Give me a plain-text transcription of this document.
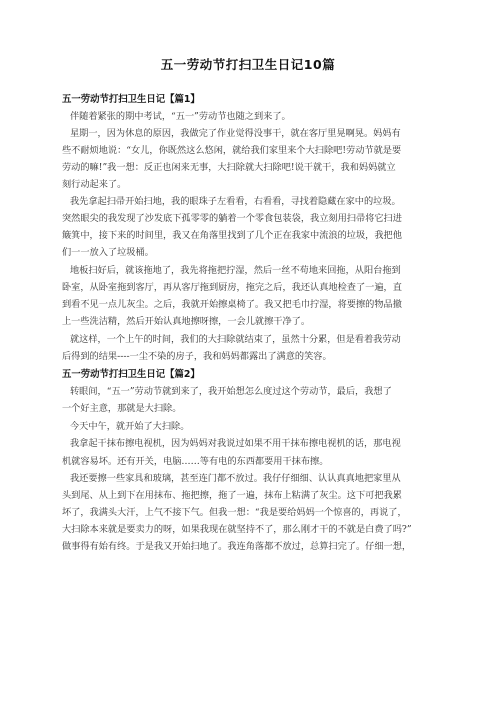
五一劳动节打扫卫生日记10篇
五一劳动节打扫卫生日记【篇1】
伴随着紧张的期中考试，“五一”劳动节也随之到来了。
星期一，因为休息的原因，我做完了作业觉得没事干，就在客厅里晃啊晃。妈妈有
些不耐烦地说：“女儿，你既然这么悠闲，就给我们家里来个大扫除吧!劳动节就是要
劳动的嘛!”我一想：反正也闲来无事，大扫除就大扫除吧!说干就干，我和妈妈就立
刻行动起来了。
我先拿起扫帚开始扫地，我的眼珠子左看看，右看看，寻找着隐藏在家中的垃圾。
突然眼尖的我发现了沙发底下孤零零的躺着一个零食包装袋，我立刻用扫帚将它扫进
簸箕中，接下来的时间里，我又在角落里找到了几个正在我家中流浪的垃圾，我把他
们一一放入了垃圾桶。
地板扫好后，就该拖地了，我先将拖把拧湿，然后一丝不苟地来回拖，从阳台拖到
卧室，从卧室拖到客厅，再从客厅拖到厨房，拖完之后，我还认真地检查了一遍，直
到看不见一点儿灰尘。之后，我就开始擦桌椅了。我又把毛巾拧湿，将要擦的物品撤
上一些洗洁精，然后开始认真地擦呀擦，一会儿就擦干净了。
就这样，一个上午的时间，我们的大扫除就结束了，虽然十分累，但是看着我劳动
后得到的结果----一尘不染的房子，我和妈妈都露出了满意的笑容。
五一劳动节打扫卫生日记【篇2】
转眼间，“五一”劳动节就到来了，我开始想怎么度过这个劳动节，最后，我想了
一个好主意，那就是大扫除。
今天中午，就开始了大扫除。
我拿起干抹布擦电视机，因为妈妈对我说过如果不用干抹布擦电视机的话，那电视
机就容易坏。还有开关，电脑……等有电的东西都要用干抹布擦。
我还要擦一些家具和玻璃，甚至连门都不放过。我仔仔细细、认认真真地把家里从
头到尾、从上到下在用抹布、拖把擦，拖了一遍，抹布上粘满了灰尘。这下可把我累
坏了，我满头大汗，上气不接下气。但我一想：“我是要给妈妈一个惊喜的，再说了，
大扫除本来就是要卖力的呀，如果我现在就坚持不了，那么刚才干的不就是白费了吗?”
做事得有始有终。于是我又开始扫地了。我连角落都不放过，总算扫完了。仔细一想，
